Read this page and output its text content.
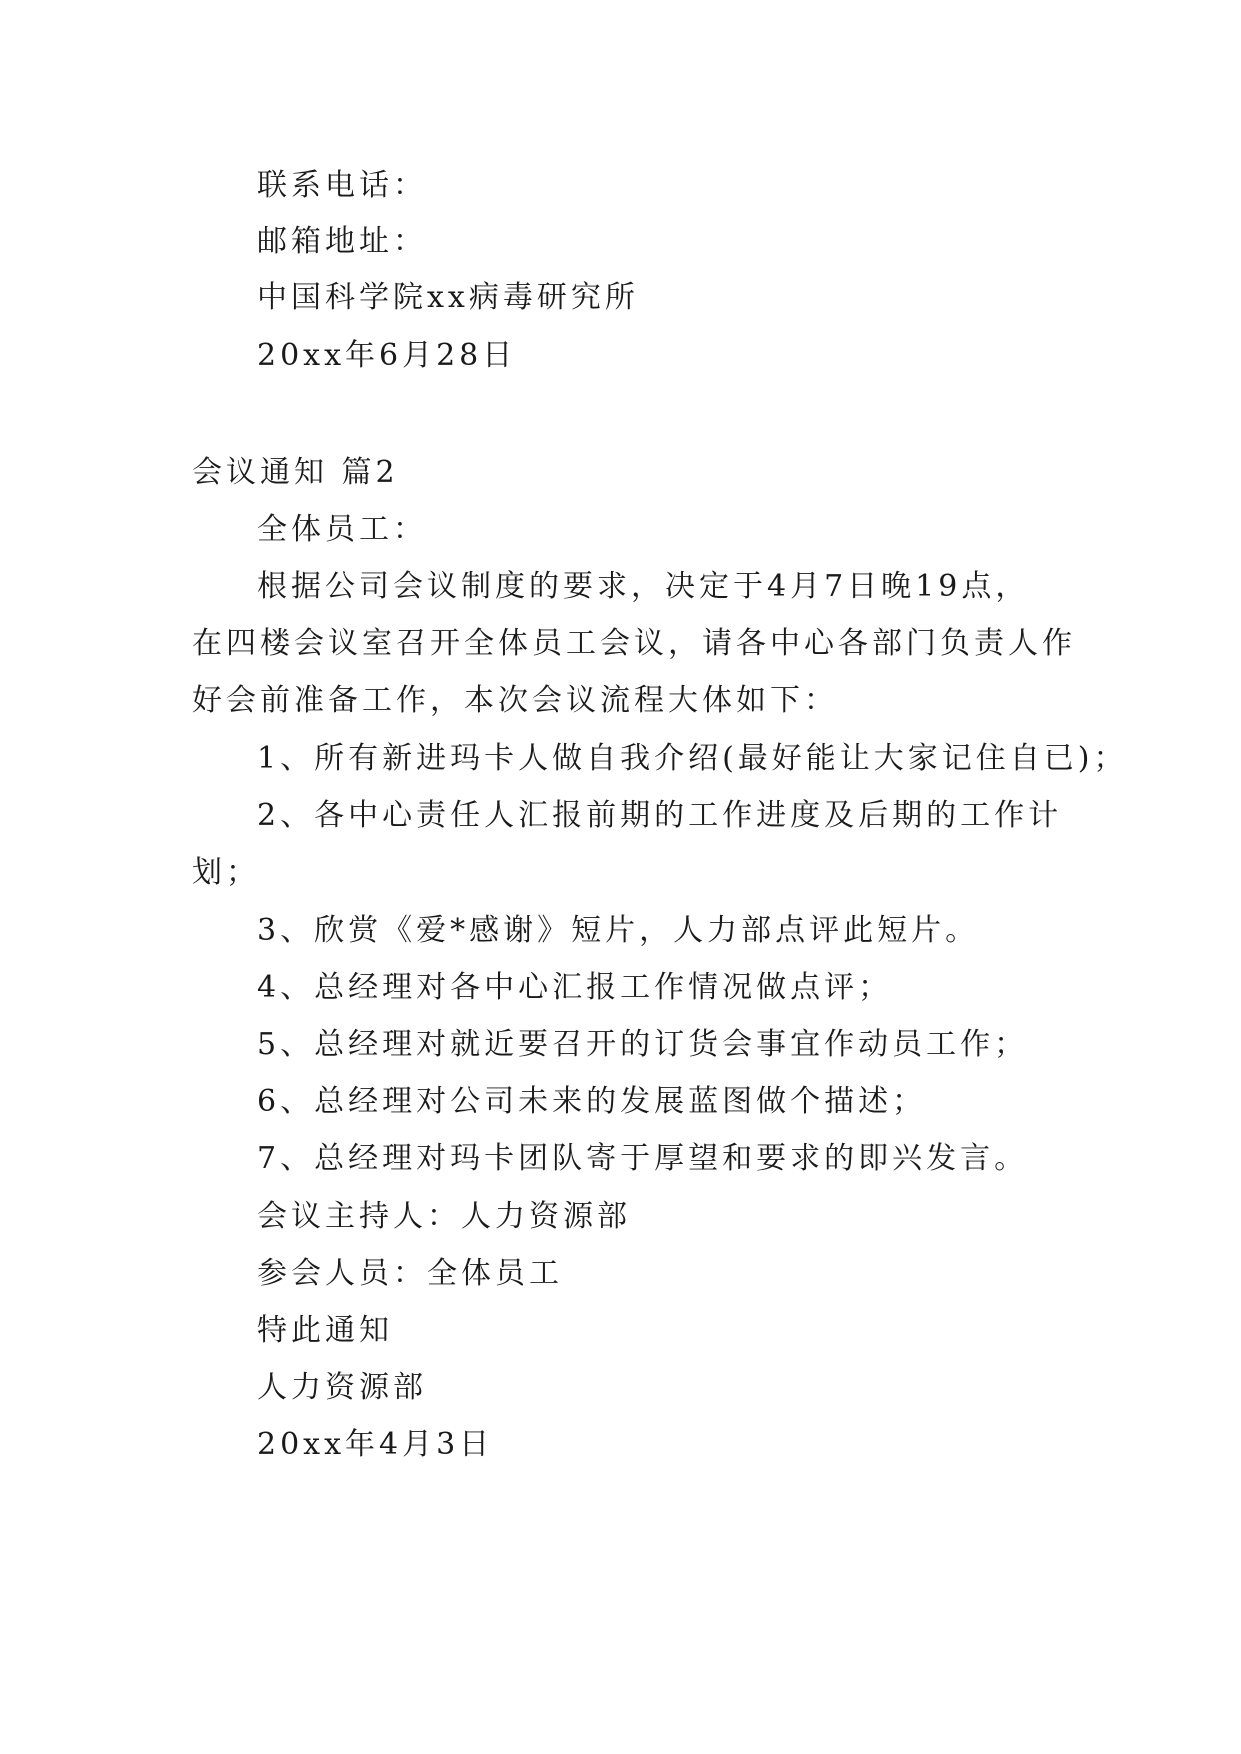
联系电话：
邮箱地址：
中国科学院xx病毒研究所
20xx年6月28日
会议通知 篇2
全体员工：
根据公司会议制度的要求，决定于4月7日晚19点，
在四楼会议室召开全体员工会议，请各中心各部门负责人作
好会前准备工作，本次会议流程大体如下：
1、所有新进玛卡人做自我介绍(最好能让大家记住自已)；
2、各中心责任人汇报前期的工作进度及后期的工作计
划；
3、欣赏《爱*感谢》短片，人力部点评此短片。
4、总经理对各中心汇报工作情况做点评；
5、总经理对就近要召开的订货会事宜作动员工作；
6、总经理对公司未来的发展蓝图做个描述；
7、总经理对玛卡团队寄于厚望和要求的即兴发言。
会议主持人：人力资源部
参会人员：全体员工
特此通知
人力资源部
20xx年4月3日
